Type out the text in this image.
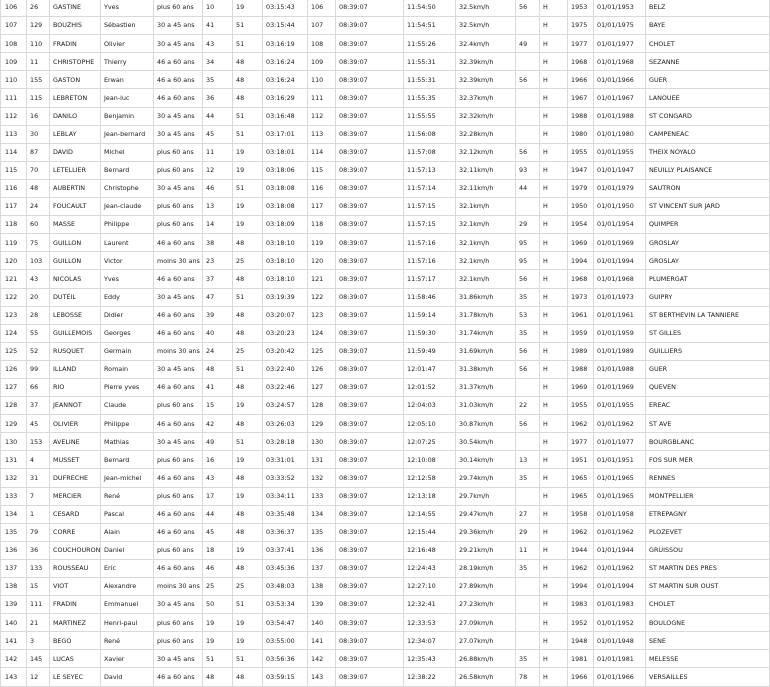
106	26	GASTINE	Yves	plus 60 ans	10	19	03:15:43	106	08:39:07	11:54:50	32.5km/h	56	H	1953	01/01/1953	BELZ
107	129	BOUZHIS	Sébastien	30 a 45 ans	41	51	03:15:44	107	08:39:07	11:54:51	32.5km/h		H	1975	01/01/1975	BAYE
108	110	FRADIN	Olivier	30 a 45 ans	43	51	03:16:19	108	08:39:07	11:55:26	32.4km/h	49	H	1977	01/01/1977	CHOLET
109	11	CHRISTOPHE	Thierry	46 a 60 ans	34	48	03:16:24	109	08:39:07	11:55:31	32.39km/h		H	1968	01/01/1968	SEZANNE
110	155	GASTON	Erwan	46 a 60 ans	35	48	03:16:24	110	08:39:07	11:55:31	32.39km/h	56	H	1966	01/01/1966	GUER
111	115	LEBRETON	Jean-luc	46 a 60 ans	36	48	03:16:29	111	08:39:07	11:55:35	32.37km/h		H	1967	01/01/1967	LANOUEE
112	16	DANILO	Benjamin	30 a 45 ans	44	51	03:16:48	112	08:39:07	11:55:55	32.32km/h		H	1988	01/01/1988	ST CONGARD
113	30	LEBLAY	Jean-bernard	30 a 45 ans	45	51	03:17:01	113	08:39:07	11:56:08	32.28km/h		H	1980	01/01/1980	CAMPENEAC
114	87	DAVID	Michel	plus 60 ans	11	19	03:18:01	114	08:39:07	11:57:08	32.12km/h	56	H	1955	01/01/1955	THEIX NOYALO
115	70	LETELLIER	Bernard	plus 60 ans	12	19	03:18:06	115	08:39:07	11:57:13	32.11km/h	93	H	1947	01/01/1947	NEUILLY PLAISANCE
116	48	AUBERTIN	Christophe	30 a 45 ans	46	51	03:18:08	116	08:39:07	11:57:14	32.11km/h	44	H	1979	01/01/1979	SAUTRON
117	24	FOUCAULT	Jean-claude	plus 60 ans	13	19	03:18:08	117	08:39:07	11:57:15	32.1km/h		H	1950	01/01/1950	ST VINCENT SUR JARD
118	60	MASSE	Philippe	plus 60 ans	14	19	03:18:09	118	08:39:07	11:57:15	32.1km/h	29	H	1954	01/01/1954	QUIMPER
119	75	GUILLON	Laurent	46 a 60 ans	38	48	03:18:10	119	08:39:07	11:57:16	32.1km/h	95	H	1969	01/01/1969	GROSLAY
120	103	GUILLON	Victor	moins 30 ans	23	25	03:18:10	120	08:39:07	11:57:16	32.1km/h	95	H	1994	01/01/1994	GROSLAY
121	43	NICOLAS	Yves	46 a 60 ans	37	48	03:18:10	121	08:39:07	11:57:17	32.1km/h	56	H	1968	01/01/1968	PLUMERGAT
122	20	DUTEIL	Eddy	30 a 45 ans	47	51	03:19:39	122	08:39:07	11:58:46	31.86km/h	35	H	1973	01/01/1973	GUIPRY
123	28	LEBOSSE	Didier	46 a 60 ans	39	48	03:20:07	123	08:39:07	11:59:14	31.78km/h	53	H	1961	01/01/1961	ST BERTHEVIN LA TANNIERE
124	55	GUILLEMOIS	Georges	46 a 60 ans	40	48	03:20:23	124	08:39:07	11:59:30	31.74km/h	35	H	1959	01/01/1959	ST GILLES
125	52	RUSQUET	Germain	moins 30 ans	24	25	03:20:42	125	08:39:07	11:59:49	31.69km/h	56	H	1989	01/01/1989	GUILLIERS
126	99	ILLAND	Romain	30 a 45 ans	48	51	03:22:40	126	08:39:07	12:01:47	31.38km/h	56	H	1988	01/01/1988	GUER
127	66	RIO	Pierre yves	46 a 60 ans	41	48	03:22:46	127	08:39:07	12:01:52	31.37km/h		H	1969	01/01/1969	QUEVEN
128	37	JEANNOT	Claude	plus 60 ans	15	19	03:24:57	128	08:39:07	12:04:03	31.03km/h	22	H	1955	01/01/1955	EREAC
129	45	OLIVIER	Philippe	46 a 60 ans	42	48	03:26:03	129	08:39:07	12:05:10	30.87km/h	56	H	1962	01/01/1962	ST AVE
130	153	AVELINE	Mathias	30 a 45 ans	49	51	03:28:18	130	08:39:07	12:07:25	30.54km/h		H	1977	01/01/1977	BOURGBLANC
131	4	MUSSET	Bernard	plus 60 ans	16	19	03:31:01	131	08:39:07	12:10:08	30.14km/h	13	H	1951	01/01/1951	FOS SUR MER
132	31	DUFRECHE	Jean-michel	46 a 60 ans	43	48	03:33:52	132	08:39:07	12:12:58	29.74km/h	35	H	1965	01/01/1965	RENNES
133	7	MERCIER	René	plus 60 ans	17	19	03:34:11	133	08:39:07	12:13:18	29.7km/h		H	1965	01/01/1965	MONTPELLIER
134	1	CESARD	Pascal	46 a 60 ans	44	48	03:35:48	134	08:39:07	12:14:55	29.47km/h	27	H	1958	01/01/1958	ETREPAGNY
135	79	CORRE	Alain	46 a 60 ans	45	48	03:36:37	135	08:39:07	12:15:44	29.36km/h	29	H	1962	01/01/1962	PLOZEVET
136	36	COUCHOURON	Daniel	plus 60 ans	18	19	03:37:41	136	08:39:07	12:16:48	29.21km/h	11	H	1944	01/01/1944	GRUISSOU
137	133	ROUSSEAU	Eric	46 a 60 ans	46	48	03:45:36	137	08:39:07	12:24:43	28.19km/h	35	H	1962	01/01/1962	ST MARTIN DES PRES
138	15	VIOT	Alexandre	moins 30 ans	25	25	03:48:03	138	08:39:07	12:27:10	27.89km/h		H	1994	01/01/1994	ST MARTIN SUR OUST
139	111	FRADIN	Emmanuel	30 a 45 ans	50	51	03:53:34	139	08:39:07	12:32:41	27.23km/h		H	1983	01/01/1983	CHOLET
140	21	MARTINEZ	Henri-paul	plus 60 ans	19	19	03:54:47	140	08:39:07	12:33:53	27.09km/h		H	1952	01/01/1952	BOULOGNE
141	3	BEGO	René	plus 60 ans	19	19	03:55:00	141	08:39:07	12:34:07	27.07km/h		H	1948	01/01/1948	SENE
142	145	LUCAS	Xavier	30 a 45 ans	51	51	03:56:36	142	08:39:07	12:35:43	26.88km/h	35	H	1981	01/01/1981	MELESSE
143	12	LE SEYEC	David	46 a 60 ans	48	48	03:59:15	143	08:39:07	12:38:22	26.58km/h	78	H	1966	01/01/1966	VERSAILLES
